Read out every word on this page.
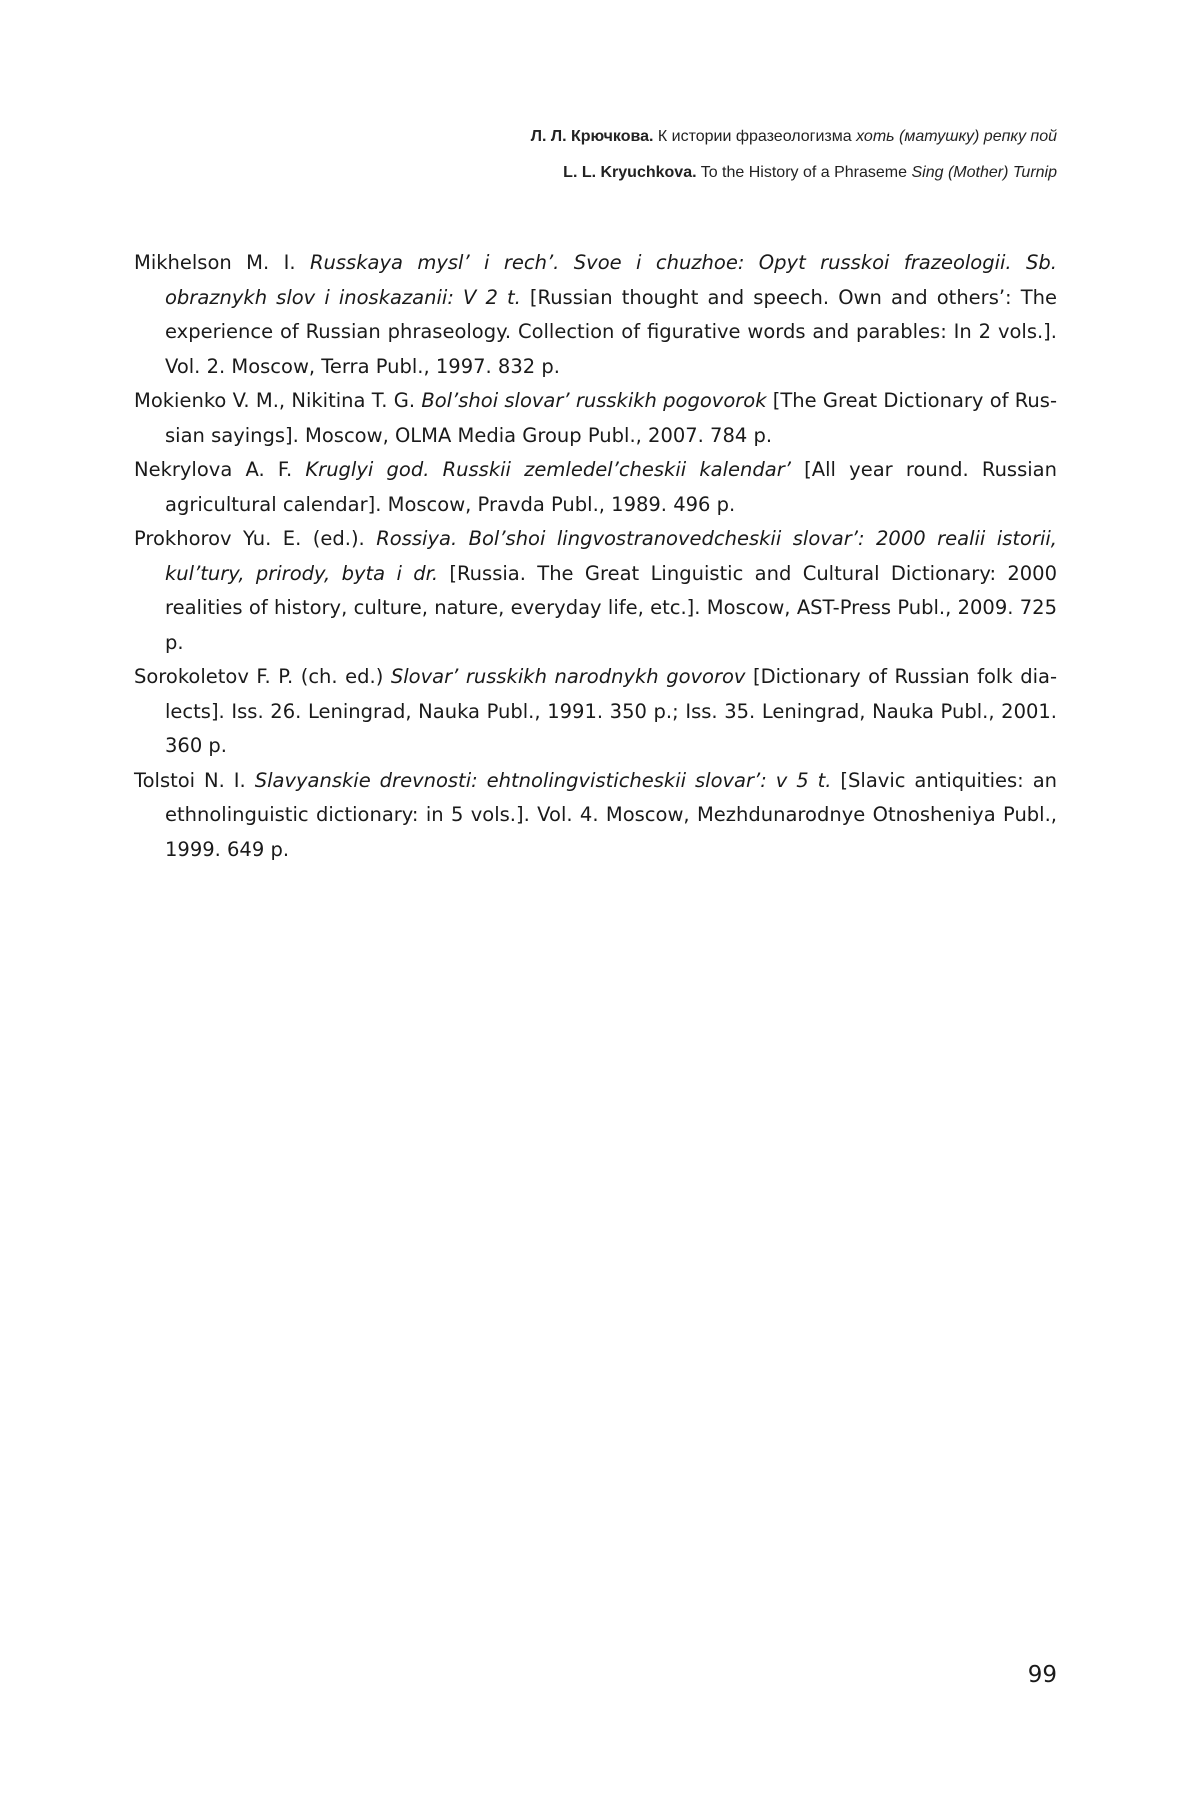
Л. Л. Крючкова. К истории фразеологизма хоть (матушку) репку пой
L. L. Kryuchkova. To the History of a Phraseme Sing (Mother) Turnip

Mikhelson M. I. Russkaya mysl’ i rech’. Svoe i chuzhoe: Opyt russkoi frazeologii. Sb. obraznykh slov i inoskazanii: V 2 t. [Russian thought and speech. Own and others’: The experience of Russian phraseology. Collection of figurative words and parables: In 2 vols.]. Vol. 2. Moscow, Terra Publ., 1997. 832 p.

Mokienko V. M., Nikitina T. G. Bol’shoi slovar’ russkikh pogovorok [The Great Dictionary of Russian sayings]. Moscow, OLMA Media Group Publ., 2007. 784 p.

Nekrylova A. F. Kruglyi god. Russkii zemledel’cheskii kalendar’ [All year round. Russian agricultural calendar]. Moscow, Pravda Publ., 1989. 496 p.

Prokhorov Yu. E. (ed.). Rossiya. Bol’shoi lingvostranovedcheskii slovar’: 2000 realii istorii, kul’tury, prirody, byta i dr. [Russia. The Great Linguistic and Cultural Dictionary: 2000 realities of history, culture, nature, everyday life, etc.]. Moscow, AST-Press Publ., 2009. 725 p.

Sorokoletov F. P. (ch. ed.) Slovar’ russkikh narodnykh govorov [Dictionary of Russian folk dialects]. Iss. 26. Leningrad, Nauka Publ., 1991. 350 p.; Iss. 35. Leningrad, Nauka Publ., 2001. 360 p.

Tolstoi N. I. Slavyanskie drevnosti: ehtnolingvisticheskii slovar’: v 5 t. [Slavic antiquities: an ethnolinguistic dictionary: in 5 vols.]. Vol. 4. Moscow, Mezhdunarodnye Otnosheniya Publ., 1999. 649 p.

99
